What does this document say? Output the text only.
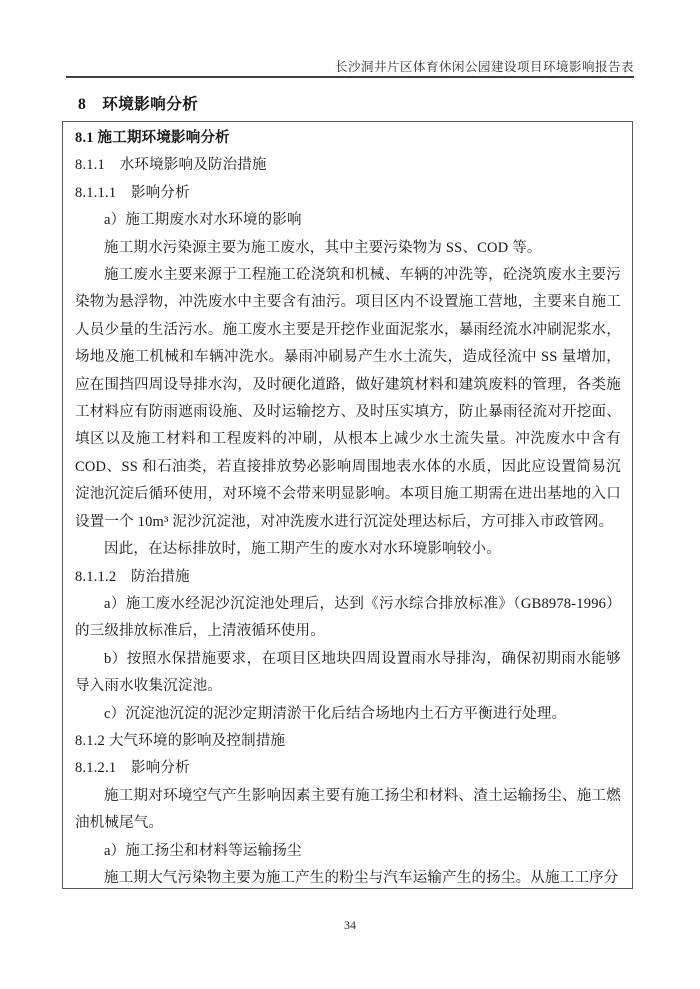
长沙洞井片区体育休闲公园建设项目环境影响报告表
8　环境影响分析

8.1 施工期环境影响分析

8.1.1　水环境影响及防治措施

8.1.1.1　影响分析

a）施工期废水对水环境的影响

施工期水污染源主要为施工废水，其中主要污染物为 SS、COD 等。

施工废水主要来源于工程施工砼浇筑和机械、车辆的冲洗等，砼浇筑废水主要污染物为悬浮物，冲洗废水中主要含有油污。项目区内不设置施工营地，主要来自施工人员少量的生活污水。施工废水主要是开挖作业面泥浆水，暴雨经流水冲刷泥浆水，场地及施工机械和车辆冲洗水。暴雨冲刷易产生水土流失，造成径流中 SS 量增加，应在围挡四周设导排水沟，及时硬化道路，做好建筑材料和建筑废料的管理，各类施工材料应有防雨遮雨设施、及时运输挖方、及时压实填方，防止暴雨径流对开挖面、填区以及施工材料和工程废料的冲刷，从根本上减少水土流失量。冲洗废水中含有 COD、SS 和石油类，若直接排放势必影响周围地表水体的水质，因此应设置简易沉淀池沉淀后循环使用，对环境不会带来明显影响。本项目施工期需在进出基地的入口设置一个 10m³ 泥沙沉淀池，对冲洗废水进行沉淀处理达标后，方可排入市政管网。

因此，在达标排放时，施工期产生的废水对水环境影响较小。

8.1.1.2　防治措施

a）施工废水经泥沙沉淀池处理后，达到《污水综合排放标准》（GB8978-1996）的三级排放标准后，上清液循环使用。

b）按照水保措施要求，在项目区地块四周设置雨水导排沟，确保初期雨水能够导入雨水收集沉淀池。

c）沉淀池沉淀的泥沙定期清淤干化后结合场地内土石方平衡进行处理。

8.1.2 大气环境的影响及控制措施

8.1.2.1　影响分析

施工期对环境空气产生影响因素主要有施工扬尘和材料、渣土运输扬尘、施工燃油机械尾气。

a）施工扬尘和材料等运输扬尘

施工期大气污染物主要为施工产生的粉尘与汽车运输产生的扬尘。从施工工序分

34
